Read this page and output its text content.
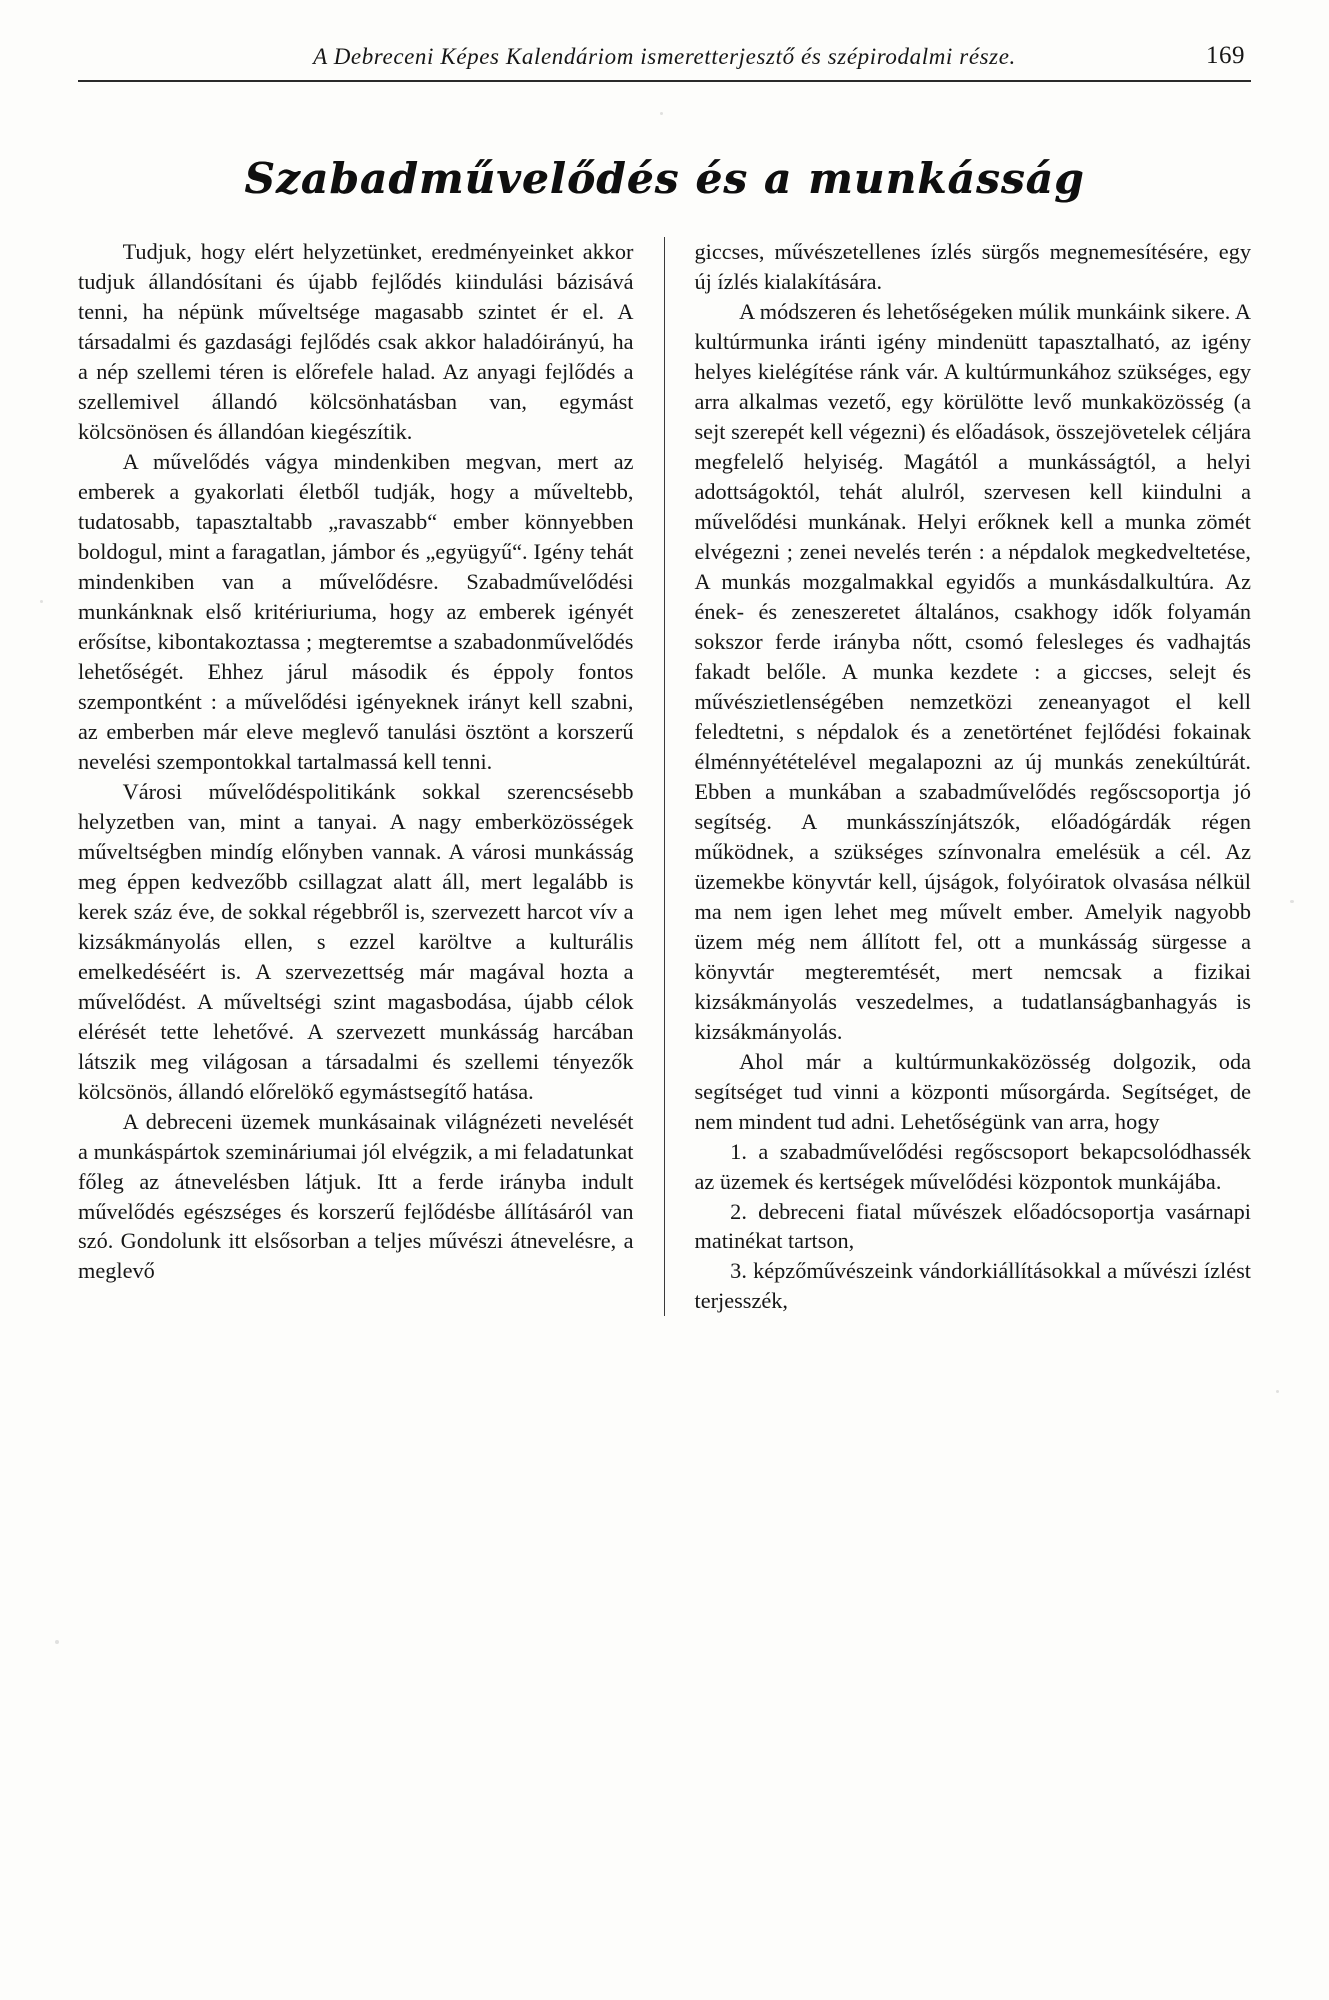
A Debreceni Képes Kalendáriom ismeretterjesztő és szépirodalmi része.	169
Szabadművelődés és a munkásság

Tudjuk, hogy elért helyzetünket, eredményeinket akkor tudjuk állandósítani és újabb fejlődés kiindulási bázisává tenni, ha népünk műveltsége magasabb szintet ér el. A társadalmi és gazdasági fejlődés csak akkor haladóirányú, ha a nép szellemi téren is előrefele halad. Az anyagi fejlődés a szellemivel állandó kölcsönhatásban van, egymást kölcsönösen és állandóan kiegészítik.

A művelődés vágya mindenkiben megvan, mert az emberek a gyakorlati életből tudják, hogy a műveltebb, tudatosabb, tapasztaltabb „ravaszabb“ ember könnyebben boldogul, mint a faragatlan, jámbor és „együgyű“. Igény tehát mindenkiben van a művelődésre. Szabadművelődési munkánknak első kritériuriuma, hogy az emberek igényét erősítse, kibontakoztassa ; megteremtse a szabadonművelődés lehetőségét. Ehhez járul második és éppoly fontos szempontként : a művelődési igényeknek irányt kell szabni, az emberben már eleve meglevő tanulási ösztönt a korszerű nevelési szempontokkal tartalmassá kell tenni.

Városi művelődéspolitikánk sokkal szerencsésebb helyzetben van, mint a tanyai. A nagy emberközösségek műveltségben mindíg előnyben vannak. A városi munkásság meg éppen kedvezőbb csillagzat alatt áll, mert legalább is kerek száz éve, de sokkal régebbről is, szervezett harcot vív a kizsákmányolás ellen, s ezzel karöltve a kulturális emelkedéséért is. A szervezettség már magával hozta a művelődést. A műveltségi szint magasbodása, újabb célok elérését tette lehetővé. A szervezett munkásság harcában látszik meg világosan a társadalmi és szellemi tényezők kölcsönös, állandó előrelökő egymástsegítő hatása.

A debreceni üzemek munkásainak világnézeti nevelését a munkáspártok szemináriumai jól elvégzik, a mi feladatunkat főleg az átnevelésben látjuk. Itt a ferde irányba indult művelődés egészséges és korszerű fejlődésbe állításáról van szó. Gondolunk itt elsősorban a teljes művészi átnevelésre, a meglevő

giccses, művészetellenes ízlés sürgős megnemesítésére, egy új ízlés kialakítására.

A módszeren és lehetőségeken múlik munkáink sikere. A kultúrmunka iránti igény mindenütt tapasztalható, az igény helyes kielégítése ránk vár. A kultúrmunkához szükséges, egy arra alkalmas vezető, egy körülötte levő munkaközösség (a sejt szerepét kell végezni) és előadások, összejövetelek céljára megfelelő helyiség. Magától a munkásságtól, a helyi adottságoktól, tehát alulról, szervesen kell kiindulni a művelődési munkának. Helyi erőknek kell a munka zömét elvégezni ; zenei nevelés terén : a népdalok megkedveltetése, A munkás mozgalmakkal egyidős a munkásdalkultúra. Az ének- és zeneszeretet általános, csakhogy idők folyamán sokszor ferde irányba nőtt, csomó felesleges és vadhajtás fakadt belőle. A munka kezdete : a giccses, selejt és művészietlenségében nemzetközi zeneanyagot el kell feledtetni, s népdalok és a zenetörténet fejlődési fokainak élménnyétételével megalapozni az új munkás zenekúltúrát. Ebben a munkában a szabadművelődés regőscsoportja jó segítség. A munkásszínjátszók, előadógárdák régen működnek, a szükséges színvonalra emelésük a cél. Az üzemekbe könyvtár kell, újságok, folyóiratok olvasása nélkül ma nem igen lehet meg művelt ember. Amelyik nagyobb üzem még nem állított fel, ott a munkásság sürgesse a könyvtár megteremtését, mert nemcsak a fizikai kizsákmányolás veszedelmes, a tudatlanságbanhagyás is kizsákmányolás.

Ahol már a kultúrmunkaközösség dolgozik, oda segítséget tud vinni a központi műsorgárda. Segítséget, de nem mindent tud adni. Lehetőségünk van arra, hogy

1. a szabadművelődési regőscsoport bekapcsolódhassék az üzemek és kertségek művelődési központok munkájába.

2. debreceni fiatal művészek előadócsoportja vasárnapi matinékat tartson,

3. képzőművészeink vándorkiállításokkal a művészi ízlést terjesszék,
